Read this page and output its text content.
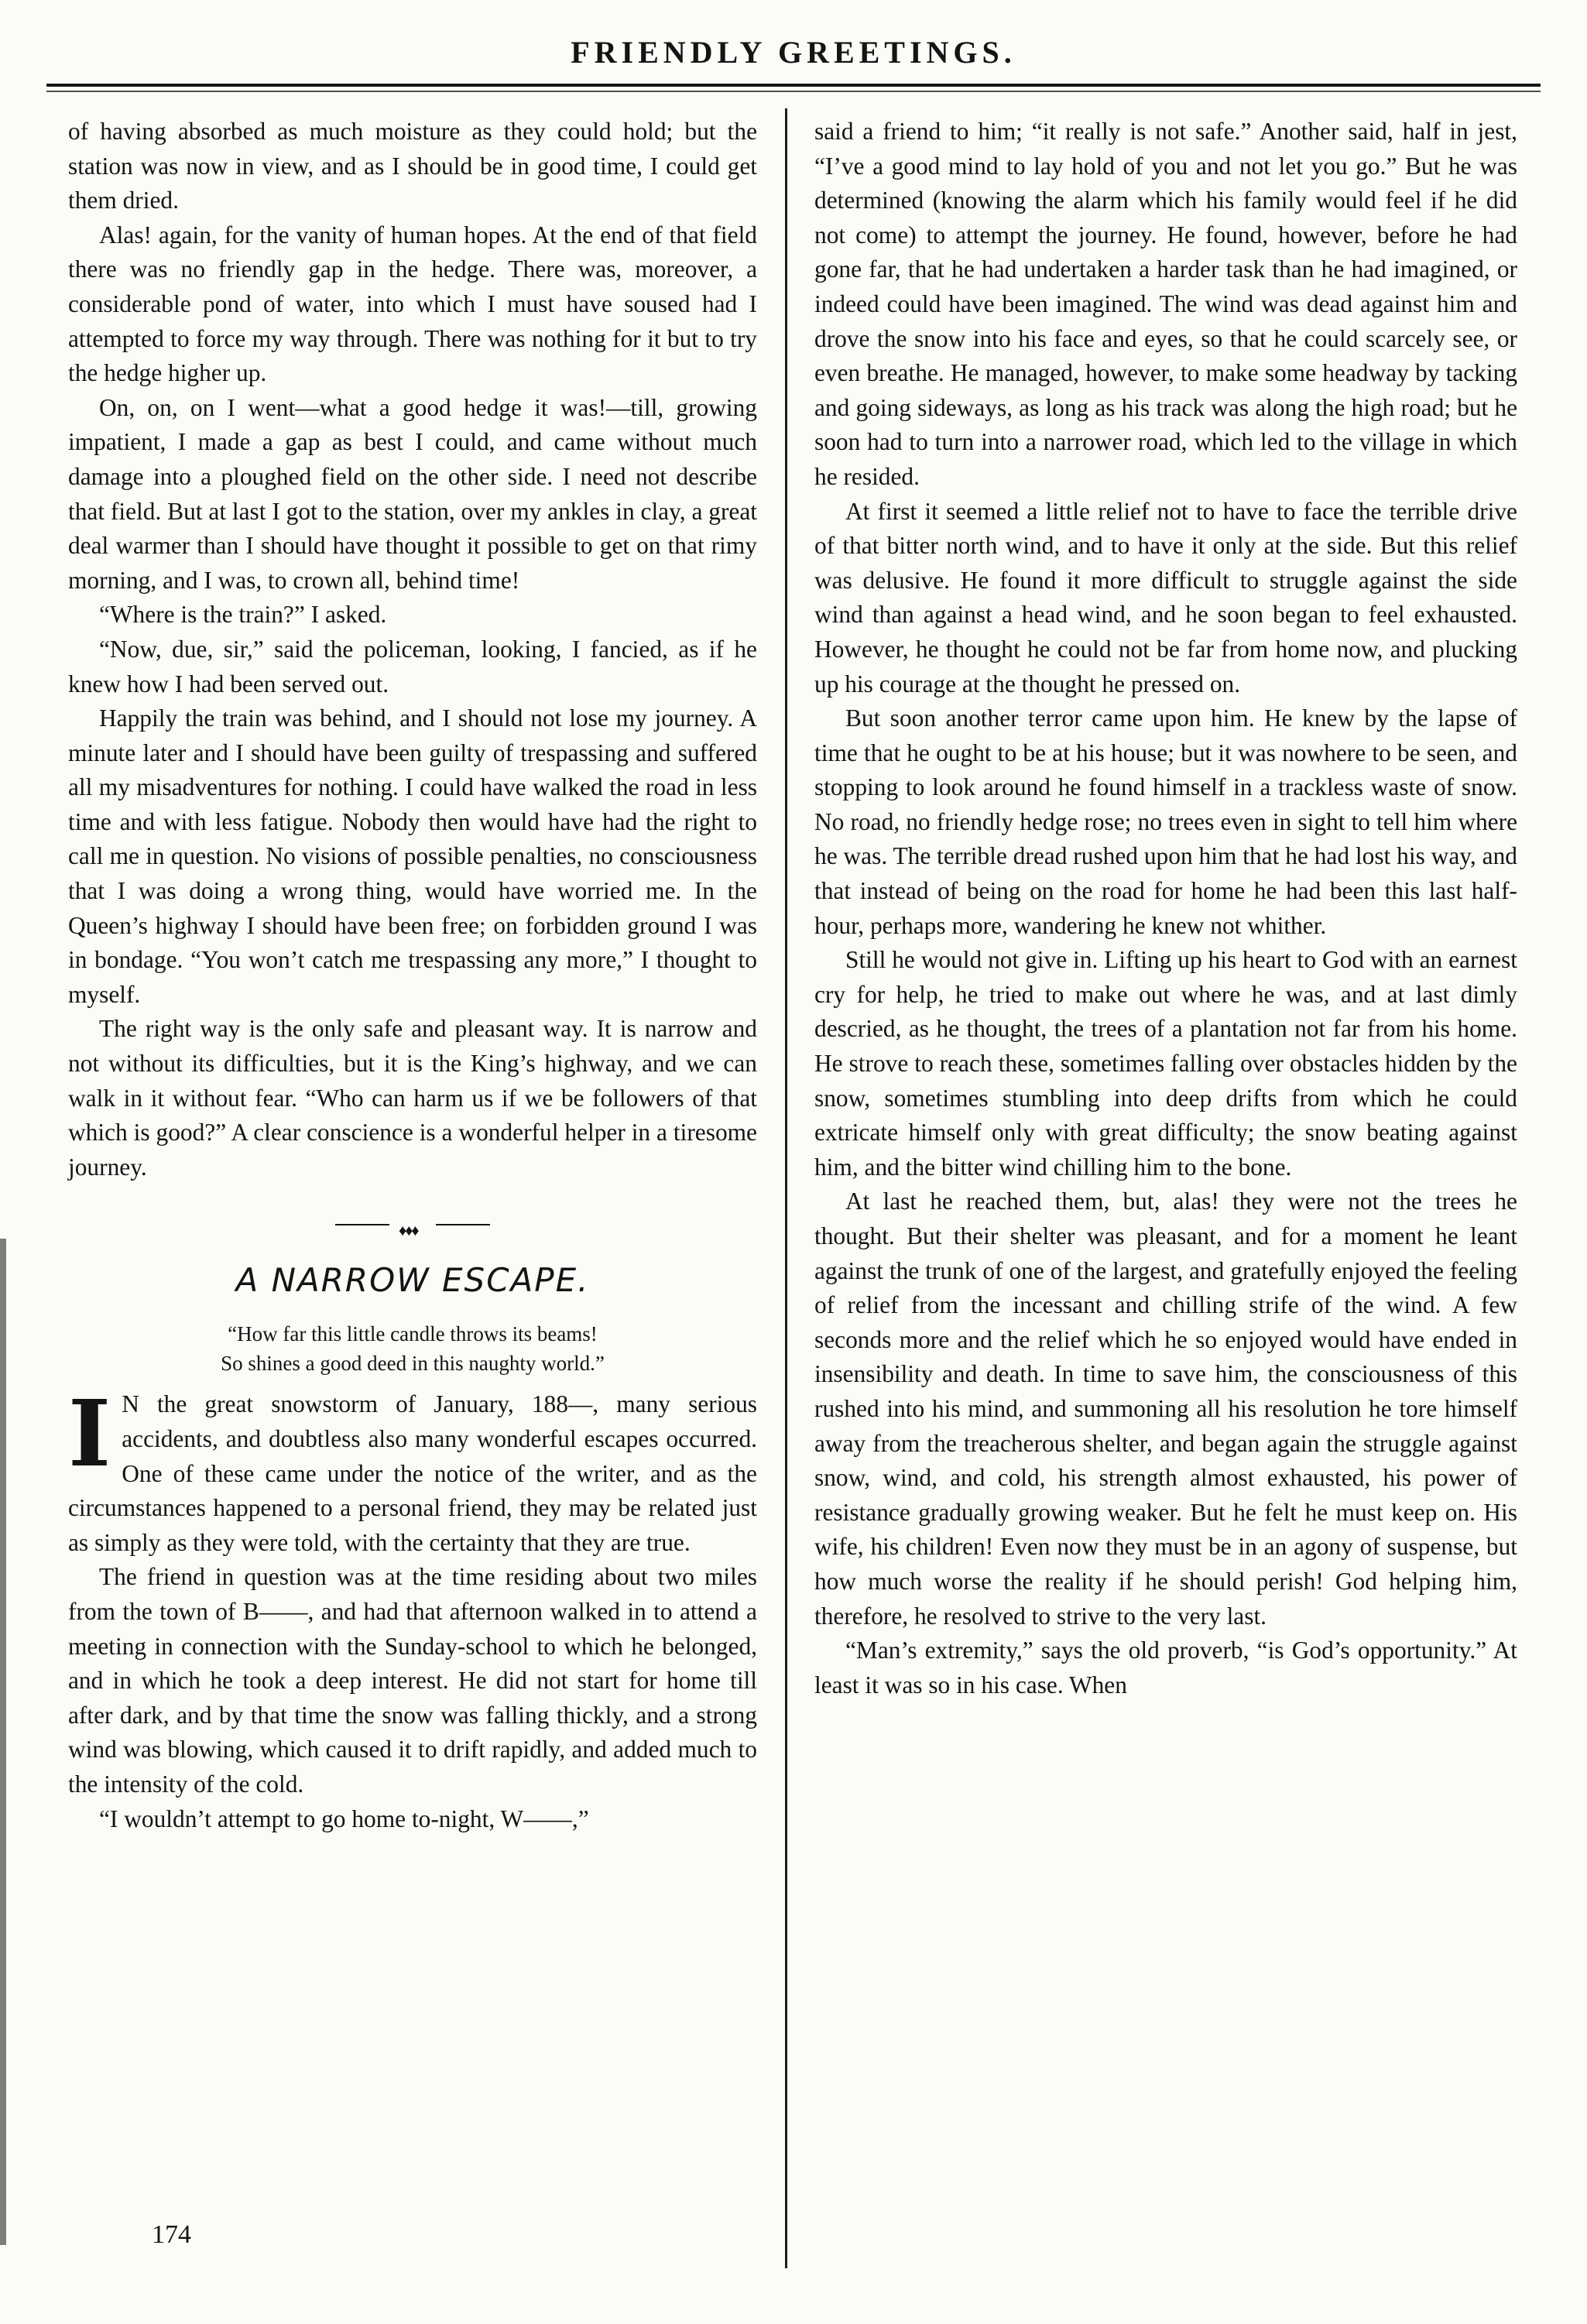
FRIENDLY GREETINGS.

of having absorbed as much moisture as they could hold; but the station was now in view, and as I should be in good time, I could get them dried.

Alas! again, for the vanity of human hopes. At the end of that field there was no friendly gap in the hedge. There was, moreover, a considerable pond of water, into which I must have soused had I attempted to force my way through. There was nothing for it but to try the hedge higher up.

On, on, on I went—what a good hedge it was!—till, growing impatient, I made a gap as best I could, and came without much damage into a ploughed field on the other side. I need not describe that field. But at last I got to the station, over my ankles in clay, a great deal warmer than I should have thought it possible to get on that rimy morning, and I was, to crown all, behind time!

“Where is the train?” I asked.

“Now, due, sir,” said the policeman, looking, I fancied, as if he knew how I had been served out.

Happily the train was behind, and I should not lose my journey. A minute later and I should have been guilty of trespassing and suffered all my misadventures for nothing. I could have walked the road in less time and with less fatigue. Nobody then would have had the right to call me in question. No visions of possible penalties, no consciousness that I was doing a wrong thing, would have worried me. In the Queen’s highway I should have been free; on forbidden ground I was in bondage. “You won’t catch me trespassing any more,” I thought to myself.

The right way is the only safe and pleasant way. It is narrow and not without its difficulties, but it is the King’s highway, and we can walk in it without fear. “Who can harm us if we be followers of that which is good?” A clear conscience is a wonderful helper in a tiresome journey.

♦♦♦
A NARROW ESCAPE.
“How far this little candle throws its beams!
So shines a good deed in this naughty world.”

I N the great snowstorm of January, 188—, many serious accidents, and doubtless also many wonderful escapes occurred. One of these came under the notice of the writer, and as the circumstances happened to a personal friend, they may be related just as simply as they were told, with the certainty that they are true.

The friend in question was at the time residing about two miles from the town of B——, and had that afternoon walked in to attend a meeting in connection with the Sunday-school to which he belonged, and in which he took a deep interest. He did not start for home till after dark, and by that time the snow was falling thickly, and a strong wind was blowing, which caused it to drift rapidly, and added much to the intensity of the cold.

“I wouldn’t attempt to go home to-night, W——,”

said a friend to him; “it really is not safe.” Another said, half in jest, “I’ve a good mind to lay hold of you and not let you go.” But he was determined (knowing the alarm which his family would feel if he did not come) to attempt the journey. He found, however, before he had gone far, that he had undertaken a harder task than he had imagined, or indeed could have been imagined. The wind was dead against him and drove the snow into his face and eyes, so that he could scarcely see, or even breathe. He managed, however, to make some headway by tacking and going sideways, as long as his track was along the high road; but he soon had to turn into a narrower road, which led to the village in which he resided.

At first it seemed a little relief not to have to face the terrible drive of that bitter north wind, and to have it only at the side. But this relief was delusive. He found it more difficult to struggle against the side wind than against a head wind, and he soon began to feel exhausted. However, he thought he could not be far from home now, and plucking up his courage at the thought he pressed on.

But soon another terror came upon him. He knew by the lapse of time that he ought to be at his house; but it was nowhere to be seen, and stopping to look around he found himself in a trackless waste of snow. No road, no friendly hedge rose; no trees even in sight to tell him where he was. The terrible dread rushed upon him that he had lost his way, and that instead of being on the road for home he had been this last half-hour, perhaps more, wandering he knew not whither.

Still he would not give in. Lifting up his heart to God with an earnest cry for help, he tried to make out where he was, and at last dimly descried, as he thought, the trees of a plantation not far from his home. He strove to reach these, sometimes falling over obstacles hidden by the snow, sometimes stumbling into deep drifts from which he could extricate himself only with great difficulty; the snow beating against him, and the bitter wind chilling him to the bone.

At last he reached them, but, alas! they were not the trees he thought. But their shelter was pleasant, and for a moment he leant against the trunk of one of the largest, and gratefully enjoyed the feeling of relief from the incessant and chilling strife of the wind. A few seconds more and the relief which he so enjoyed would have ended in insensibility and death. In time to save him, the consciousness of this rushed into his mind, and summoning all his resolution he tore himself away from the treacherous shelter, and began again the struggle against snow, wind, and cold, his strength almost exhausted, his power of resistance gradually growing weaker. But he felt he must keep on. His wife, his children! Even now they must be in an agony of suspense, but how much worse the reality if he should perish! God helping him, therefore, he resolved to strive to the very last.

“Man’s extremity,” says the old proverb, “is God’s opportunity.” At least it was so in his case. When

174
